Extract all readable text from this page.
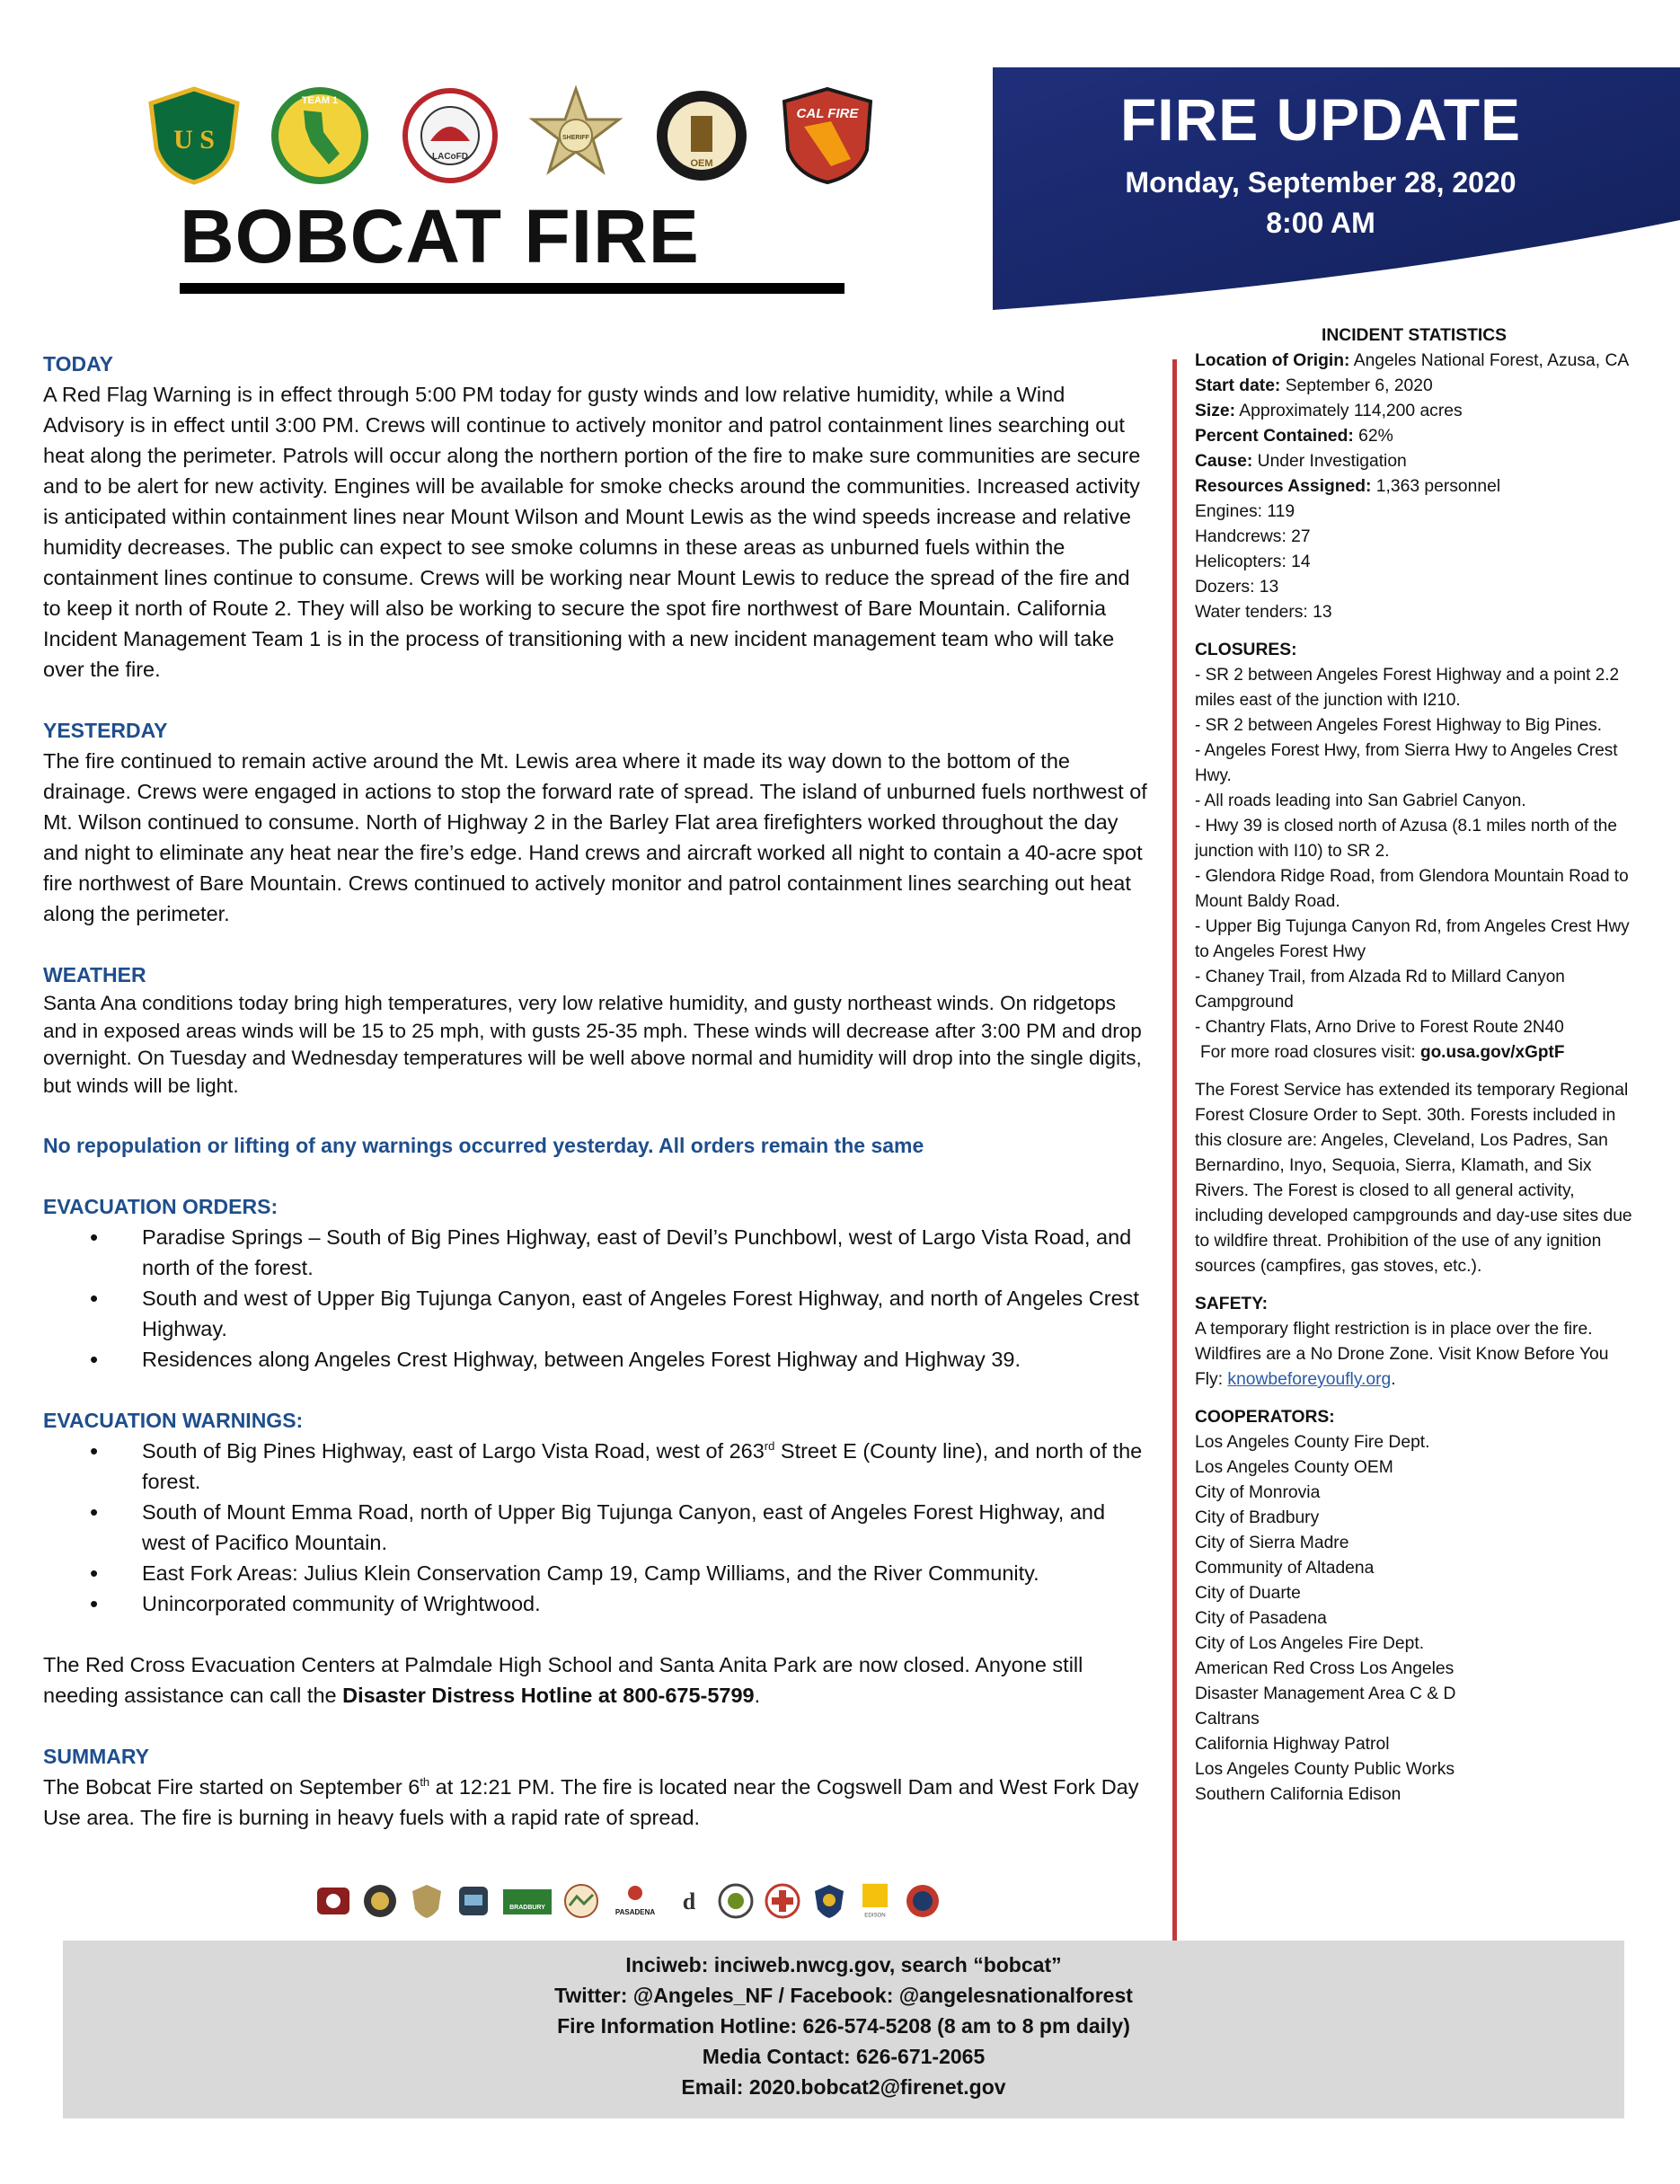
U S
TEAM 1
LACoFD
SHERIFF
OEM
CAL FIRE
BOBCAT FIRE
FIRE UPDATE
Monday, September 28, 2020
8:00 AM
TODAY

A Red Flag Warning is in effect through 5:00 PM today for gusty winds and low relative humidity, while a Wind Advisory is in effect until 3:00 PM. Crews will continue to actively monitor and patrol containment lines searching out heat along the perimeter. Patrols will occur along the northern portion of the fire to make sure communities are secure and to be alert for new activity. Engines will be available for smoke checks around the communities. Increased activity is anticipated within containment lines near Mount Wilson and Mount Lewis as the wind speeds increase and relative humidity decreases. The public can expect to see smoke columns in these areas as unburned fuels within the containment lines continue to consume. Crews will be working near Mount Lewis to reduce the spread of the fire and to keep it north of Route 2. They will also be working to secure the spot fire northwest of Bare Mountain. California Incident Management Team 1 is in the process of transitioning with a new incident management team who will take over the fire.

YESTERDAY

The fire continued to remain active around the Mt. Lewis area where it made its way down to the bottom of the drainage. Crews were engaged in actions to stop the forward rate of spread. The island of unburned fuels northwest of Mt. Wilson continued to consume. North of Highway 2 in the Barley Flat area firefighters worked throughout the day and night to eliminate any heat near the fire’s edge. Hand crews and aircraft worked all night to contain a 40-acre spot fire northwest of Bare Mountain. Crews continued to actively monitor and patrol containment lines searching out heat along the perimeter.

WEATHER

Santa Ana conditions today bring high temperatures, very low relative humidity, and gusty northeast winds. On ridgetops and in exposed areas winds will be 15 to 25 mph, with gusts 25-35 mph. These winds will decrease after 3:00 PM and drop overnight. On Tuesday and Wednesday temperatures will be well above normal and humidity will drop into the single digits, but winds will be light.

No repopulation or lifting of any warnings occurred yesterday. All orders remain the same

EVACUATION ORDERS:
• Paradise Springs – South of Big Pines Highway, east of Devil’s Punchbowl, west of Largo Vista Road, and north of the forest.
• South and west of Upper Big Tujunga Canyon, east of Angeles Forest Highway, and north of Angeles Crest Highway.
• Residences along Angeles Crest Highway, between Angeles Forest Highway and Highway 39.
EVACUATION WARNINGS:
• South of Big Pines Highway, east of Largo Vista Road, west of 263rd Street E (County line), and north of the forest.
• South of Mount Emma Road, north of Upper Big Tujunga Canyon, east of Angeles Forest Highway, and west of Pacifico Mountain.
• East Fork Areas: Julius Klein Conservation Camp 19, Camp Williams, and the River Community.
• Unincorporated community of Wrightwood.

The Red Cross Evacuation Centers at Palmdale High School and Santa Anita Park are now closed. Anyone still needing assistance can call the Disaster Distress Hotline at 800-675-5799.

SUMMARY

The Bobcat Fire started on September 6th at 12:21 PM. The fire is located near the Cogswell Dam and West Fork Day Use area. The fire is burning in heavy fuels with a rapid rate of spread.

INCIDENT STATISTICS

Location of Origin: Angeles National Forest, Azusa, CA

Start date: September 6, 2020

Size: Approximately 114,200 acres

Percent Contained: 62%

Cause: Under Investigation

Resources Assigned: 1,363 personnel

Engines: 119

Handcrews: 27

Helicopters: 14

Dozers: 13

Water tenders: 13

CLOSURES:

- SR 2 between Angeles Forest Highway and a point 2.2 miles east of the junction with I210.

- SR 2 between Angeles Forest Highway to Big Pines.

- Angeles Forest Hwy, from Sierra Hwy to Angeles Crest Hwy.

- All roads leading into San Gabriel Canyon.

- Hwy 39 is closed north of Azusa (8.1 miles north of the junction with I10) to SR 2.

- Glendora Ridge Road, from Glendora Mountain Road to Mount Baldy Road.

- Upper Big Tujunga Canyon Rd, from Angeles Crest Hwy to Angeles Forest Hwy

- Chaney Trail, from Alzada Rd to Millard Canyon Campground

- Chantry Flats, Arno Drive to Forest Route 2N40

For more road closures visit: go.usa.gov/xGptF

The Forest Service has extended its temporary Regional Forest Closure Order to Sept. 30th. Forests included in this closure are: Angeles, Cleveland, Los Padres, San Bernardino, Inyo, Sequoia, Sierra, Klamath, and Six Rivers. The Forest is closed to all general activity, including developed campgrounds and day-use sites due to wildfire threat. Prohibition of the use of any ignition sources (campfires, gas stoves, etc.).

SAFETY:

A temporary flight restriction is in place over the fire. Wildfires are a No Drone Zone. Visit Know Before You Fly: knowbeforeyoufly.org.

COOPERATORS:

Los Angeles County Fire Dept.

Los Angeles County OEM

City of Monrovia

City of Bradbury

City of Sierra Madre

Community of Altadena

City of Duarte

City of Pasadena

City of Los Angeles Fire Dept.

American Red Cross Los Angeles

Disaster Management Area C & D

Caltrans

California Highway Patrol

Los Angeles County Public Works

Southern California Edison

BRADBURY
PASADENA d
EDISON
Inciweb: inciweb.nwcg.gov, search “bobcat”
Twitter: @Angeles_NF / Facebook: @angelesnationalforest
Fire Information Hotline: 626-574-5208 (8 am to 8 pm daily)
Media Contact: 626-671-2065
Email: 2020.bobcat2@firenet.gov
